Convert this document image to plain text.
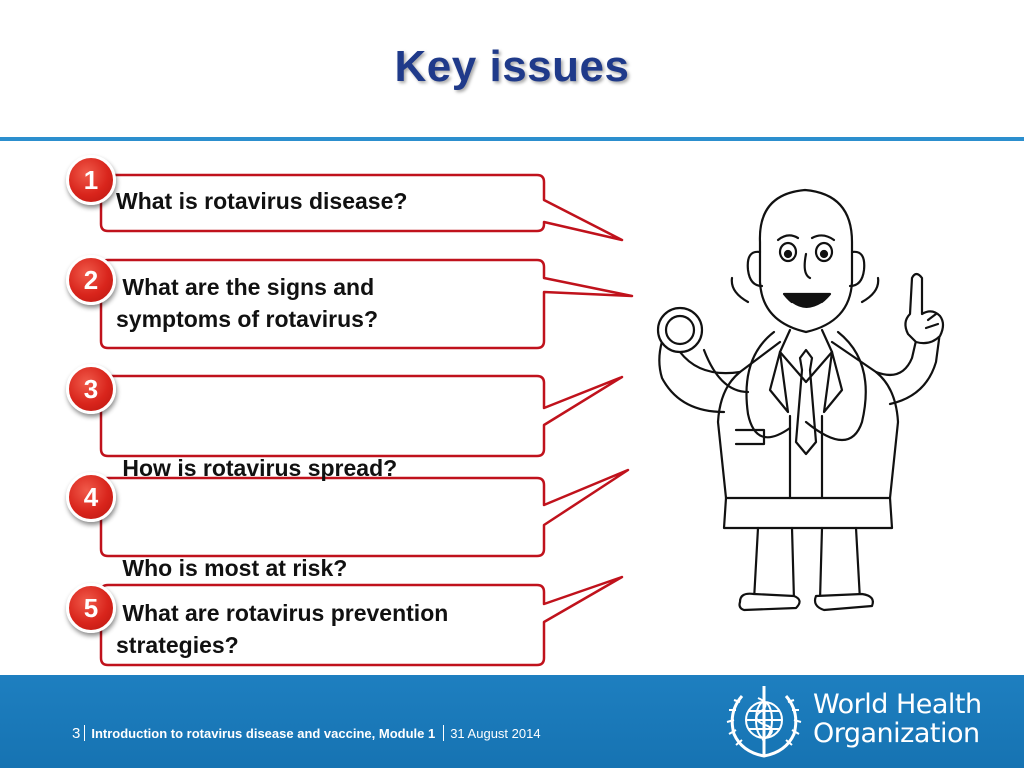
Key issues
What is rotavirus disease?
What are the signs and
symptoms of rotavirus?

How is rotavirus spread?

Who is most at risk?

What are rotavirus prevention
strategies?
1
2
3
4
5
3 Introduction to rotavirus disease and vaccine, Module 1 31 August 2014
World Health
Organization
